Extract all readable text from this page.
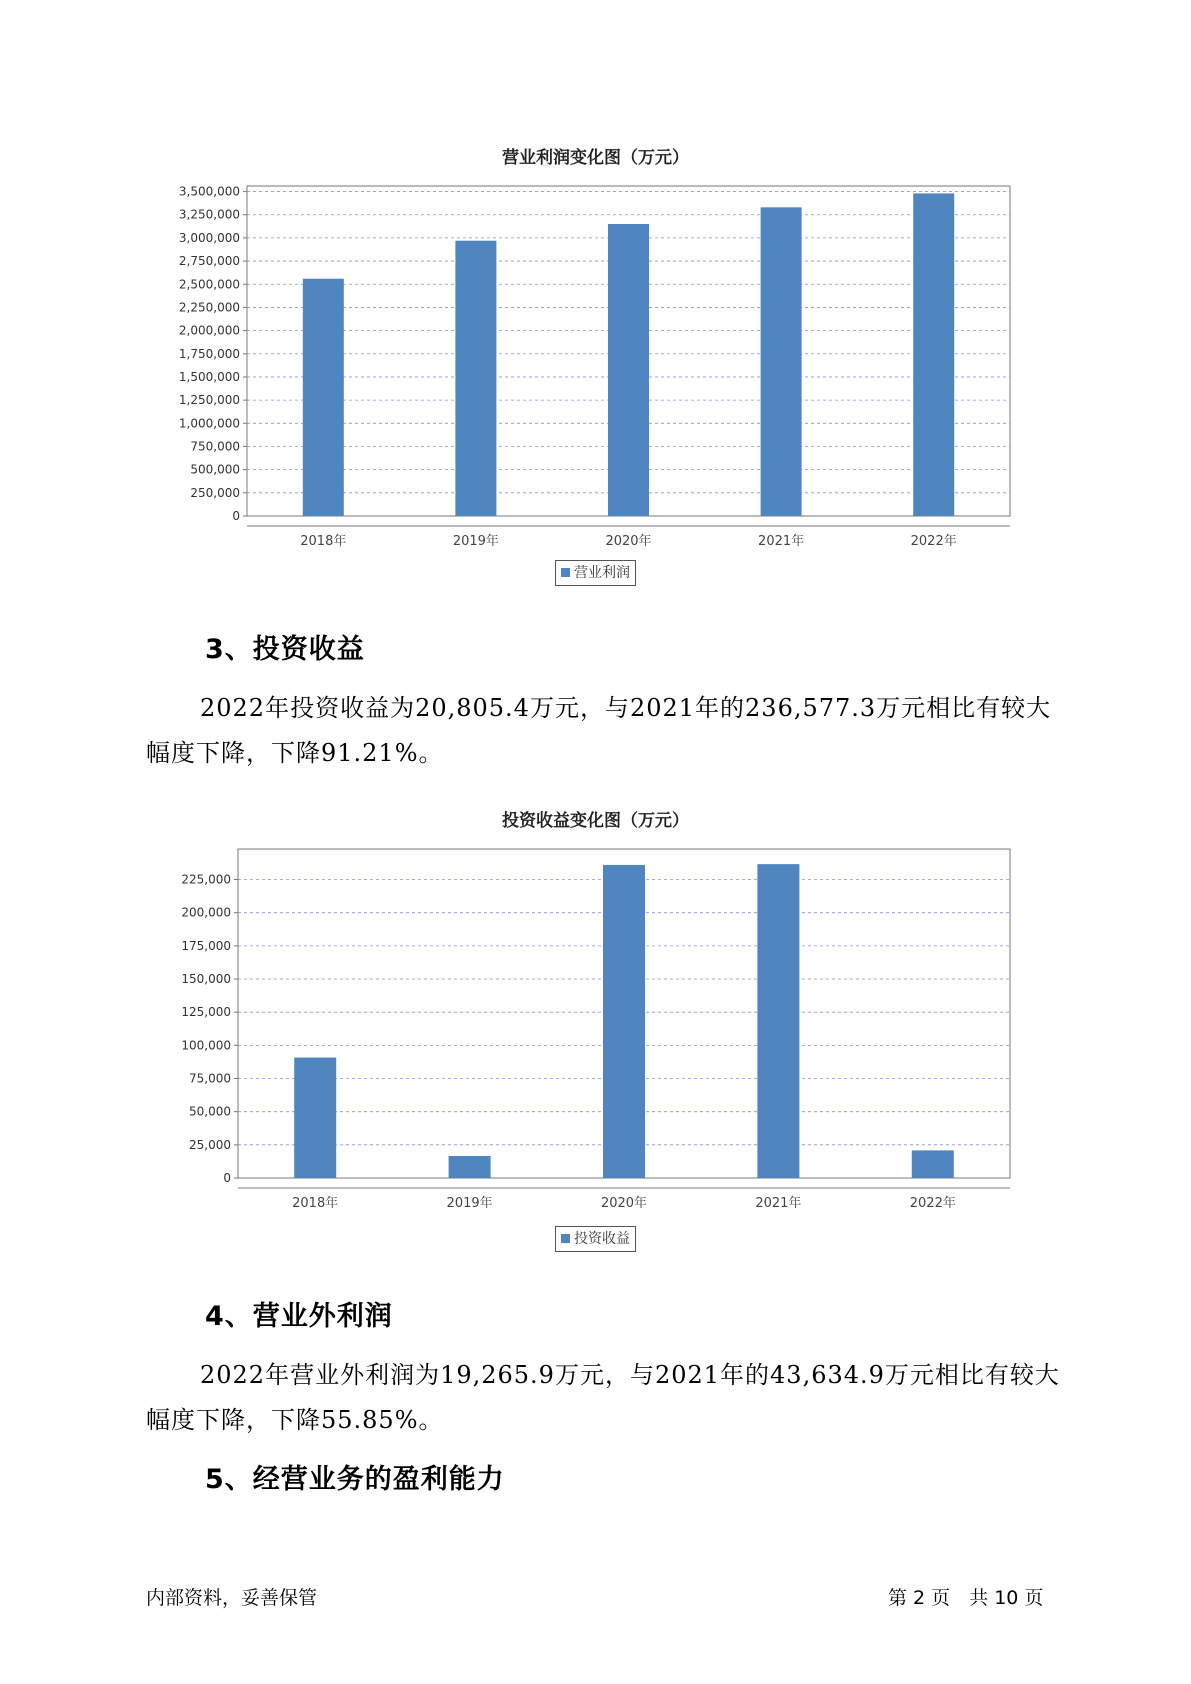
营业利润变化图（万元）
0
250,000
500,000
750,000
1,000,000
1,250,000
1,500,000
1,750,000
2,000,000
2,250,000
2,500,000
2,750,000
3,000,000
3,250,000
3,500,000
2018年	2019年	2020年	2021年	2022年
营业利润
3、投资收益

2022年投资收益为20,805.4万元，与2021年的236,577.3万元相比有较大幅度下降，下降91.21%。

投资收益变化图（万元）
0
25,000
50,000
75,000
100,000
125,000
150,000
175,000
200,000
225,000
2018年	2019年	2020年	2021年	2022年
投资收益
4、营业外利润

2022年营业外利润为19,265.9万元，与2021年的43,634.9万元相比有较大幅度下降，下降55.85%。

5、经营业务的盈利能力
内部资料，妥善保管	第 2 页　共 10 页
